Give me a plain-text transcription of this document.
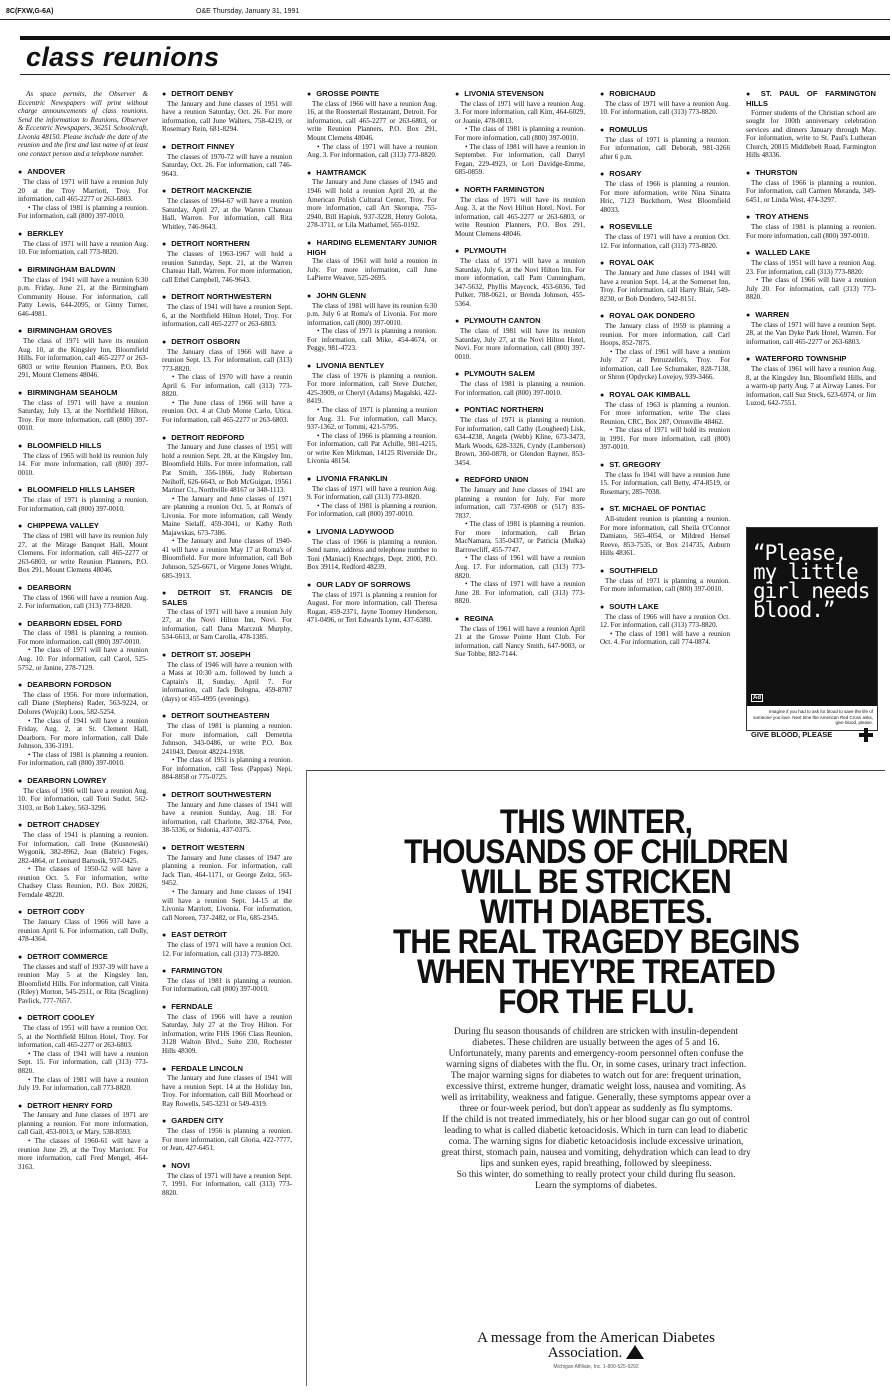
8C(FXW,G-6A)	O&E Thursday, January 31, 1991
class reunions

As space permits, the Observer & Eccentric Newspapers will print without charge announcements of class reunions. Send the information to Reunions, Observer & Eccentric Newspapers, 36251 Schoolcraft, Livonia 48150. Please include the date of the reunion and the first and last name of at least one contact person and a telephone number.

● ANDOVER

The class of 1971 will have a reunion July 20 at the Troy Marriott, Troy. For information, call 465-2277 or 263-6803.

• The class of 1981 is planning a reunion. For information, call (800) 397-0010.

● BERKLEY

The class of 1971 will have a reunion Aug. 10. For information, call 773-8820.

● BIRMINGHAM BALDWIN

The class of 1941 will have a reunion 6:30 p.m. Friday, June 21, at the Birmingham Community House. For information, call Patty Lewis, 644-2095, or Ginny Turner, 646-4981.

● BIRMINGHAM GROVES

The class of 1971 will have its reunion Aug. 10, at the Kingsley Inn, Bloomfield Hills. For information, call 465-2277 or 263-6803 or write Reunion Planners, P.O. Box 291, Mount Clemens 48046.

● BIRMINGHAM SEAHOLM

The class of 1971 will have a reunion Saturday, July 13, at the Northfield Hilton, Troy. For more information, call (800) 397-0010.

● BLOOMFIELD HILLS

The class of 1965 will hold its reunion July 14. For more information, call (800) 397-0010.

● BLOOMFIELD HILLS LAHSER

The class of 1971 is planning a reunion. For information, call (800) 397-0010.

● CHIPPEWA VALLEY

The class of 1981 will have its reunion July 27, at the Mirage Banquet Hall, Mount Clemens. For information, call 465-2277 or 263-6803, or write Reunion Planners, P.O. Box 291, Mount Clemens 48046.

● DEARBORN

The class of 1966 will have a reunion Aug. 2. For information, call (313) 773-8820.

● DEARBORN EDSEL FORD

The class of 1981 is planning a reunion. For more information, call (800) 397-0010.

• The class of 1971 will have a reunion Aug. 10. For information, call Carol, 525-5752, or Janine, 278-7129.

● DEARBORN FORDSON

The class of 1956. For more information, call Diane (Stephens) Rader, 563-9224, or Dolores (Wojcik) Loos, 582-5254.

• The class of 1941 will have a reunion Friday, Aug. 2, at St. Clement Hall, Dearborn. For more information, call Dale Johnson, 336-3191.

• The class of 1981 is planning a reunion. For information, call (800) 397-0010.

● DEARBORN LOWREY

The class of 1966 will have a reunion Aug. 10. For information, call Toni Sudut, 562-3103, or Bob Lakey, 563-3296.

● DETROIT CHADSEY

The class of 1941 is planning a reunion. For information, call Irene (Kusnowski) Wygonik, 382-8962, Jean (Babric) Feges, 282-4864, or Leonard Bartosik, 937-0425.

• The classes of 1950-52 will have a reunion Oct. 5. For information, write Chadsey Class Reunion, P.O. Box 20826, Ferndale 48220.

● DETROIT CODY

The January Class of 1966 will have a reunion April 6. For information, call Dolly, 478-4364.

● DETROIT COMMERCE

The classes and staff of 1937-39 will have a reunion May 5 at the Kingsley Inn, Bloomfield Hills. For information, call Vinita (Riley) Morton, 545-2511, or Rita (Scaglion) Pavlick, 777-7657.

● DETROIT COOLEY

The class of 1951 will have a reunion Oct. 5, at the Northfield Hilton Hotel, Troy. For information, call 465-2277 or 263-6803.

• The class of 1941 will have a reunion Sept. 15. For information, call (313) 773-8820.

• The class of 1981 will have a reunion July 19. For information, call 773-8820.

● DETROIT HENRY FORD

The January and June classes of 1971 are planning a reunion. For more information, call Gail, 453-0013, or Mary, 538-8593.

• The classes of 1960-61 will have a reunion June 29, at the Troy Marriott. For more information, call Fred Mengel, 464-3163.

● DETROIT DENBY

The January and June classes of 1951 will have a reunion Saturday, Oct. 26. For more information, call June Walters, 758-4219, or Rosemary Rein, 681-8294.

● DETROIT FINNEY

The classes of 1970-72 will have a reunion Saturday, Oct. 26. For information, call 746-9643.

● DETROIT MACKENZIE

The classes of 1964-67 will have a reunion Saturday, April 27, at the Warren Chateau Hall, Warren. For information, call Rita Whitley, 746-9643.

● DETROIT NORTHERN

The classes of 1963-1967 will hold a reunion Saturday, Sept. 21, at the Warren Chateau Hall, Warren. For more information, call Ethel Campbell, 746-9643.

● DETROIT NORTHWESTERN

The class of 1941 will have a reunion Sept. 6, at the Northfield Hilton Hotel, Troy. For information, call 465-2277 or 263-6803.

● DETROIT OSBORN

The January class of 1966 will have a reunion Sept. 13. For information, call (313) 773-8820.

• The class of 1970 will have a reunin April 6. For information, call (313) 773-8820.

• The June class of 1966 will have a reunion Oct. 4 at Club Monte Carlo, Utica. For information, call 465-2277 or 263-6803.

● DETROIT REDFORD

The January and June classes of 1951 will hold a reunion Sept. 28, at the Kingsley Inn, Bloomfield Hills. For more information, call Pat Smith, 356-1866, Judy Robertson Neihoff, 626-6643, or Bob McGuigan, 19561 Mariner Ct., Northville 48167 or 348-1113.

• The January and June classes of 1971 are planning a reunion Oct. 5, at Roma's of Livonia. For more information, call Wendy Maine Sielaff, 459-3041, or Kathy Roth Majawskas, 673-7386.

• The January and June classes of 1940-41 will have a reunion May 17 at Roma's of Bloomfield. For more information, call Bob Johnson, 525-6671, or Virgene Jones Wright, 685-3913.

● DETROIT ST. FRANCIS DE SALES

The class of 1971 will have a reunion July 27, at the Novi Hilton Inn, Novi. For information, call Dana Marczuk Murphy, 534-6613, or Sam Carolla, 478-1385.

● DETROIT ST. JOSEPH

The class of 1946 will have a reunion with a Mass at 10:30 a.m. followed by lunch a Captain's II, Sunday, April 7. For information, call Jack Bologna, 459-8787 (days) or 455-4995 (evenings).

● DETROIT SOUTHEASTERN

The class of 1981 is planning a reunion. For more information, call Demetria Johnson, 343-0486, or write P.O. Box 241043, Detroit 48224-1938.

• The class of 1951 is planning a reunion. For information, call Tess (Pappas) Nepi, 884-8858 or 775-0725.

● DETROIT SOUTHWESTERN

The January and June classes of 1941 will have a reunion Sunday, Aug. 18. For information, call Charlotte, 382-3764, Pete, 38-5336, or Sidonia, 437-0375.

● DETROIT WESTERN

The January and June classes of 1947 are planning a reunion. For information, call Jack Tian, 464-1171, or George Zeitz, 563-9452.

• The January and June classes of 1941 will have a reunion Sept. 14-15 at the Livonia Marriott, Livonia. For information, call Noreen, 737-2482, or Flo, 685-2345.

● EAST DETROIT

The class of 1971 will have a reunion Oct. 12. For information, call (313) 773-8820.

● FARMINGTON

The class of 1981 is planning a reunion. For information, call (800) 397-0010.

● FERNDALE

The class of 1966 will have a reunion Saturday, July 27 at the Troy Hilton. For information, write FHS 1966 Class Reunion, 3128 Walton Blvd., Suite 230, Rochester Hills 48309.

● FERDALE LINCOLN

The January and June classes of 1941 will have a reunion Sept. 14 at the Holiday Inn, Troy. For information, call Bill Moorhead or Ray Rowells, 545-3231 or 549-4319.

● GARDEN CITY

The class of 1956 is planning a reunion. For more information, call Gloria, 422-7777, or Jean, 427-6451.

● NOVI

The class of 1971 will have a reunion Sept. 7, 1991. For information, call (313) 773-8820.

● GROSSE POINTE

The class of 1966 will have a reunion Aug. 16, at the Roostertail Restaurant, Detroit. For information, call 465-2277 or 263-6803, or write Reunion Planners, P.O. Box 291, Mount Clemens 48046.

• The class of 1971 will have a reunion Aug. 3. For information, call (313) 773-8820.

● HAMTRAMCK

The January and June classes of 1945 and 1946 will hold a reunion April 20, at the American Polish Cultural Center, Troy. For more information, call Art Skorupa, 755-2940, Bill Hapiuk, 937-3228, Henry Golota, 278-3711, or Lila Mathamel, 565-0192.

● HARDING ELEMENTARY JUNIOR HIGH

The class of 1961 will hold a reunion in July. For more information, call June LaPierre Weaver, 525-2695.

● JOHN GLENN

The class of 1981 will have its reunion 6:30 p.m. July 6 at Roma's of Livonia. For more information, call (800) 397-0010.

• The class of 1971 is planning a reunion. For information, call Mike, 454-4674, or Peggy, 981-4723.

● LIVONIA BENTLEY

The class of 1976 is planning a reunion. For more information, call Steve Dutcher, 425-3909, or Cheryl (Adams) Magalski, 422-8419.

• The class of 1971 is planning a reunion for Aug. 31. For information, call Marcy, 937-1362, or Tommi, 421-5795.

• The class of 1966 is planning a reunion. For information, call Pat Achille, 981-4215, or write Ken Mirkman, 14125 Riverside Dr., Livonia 48154.

● LIVONIA FRANKLIN

The class of 1971 will have a reunion Aug. 9. For information, call (313) 773-8820.

• The class of 1981 is planning a reunion. For information, call (800) 397-0010.

● LIVONIA LADYWOOD

The class of 1966 is planning a reunion. Send name, address and telephone number to Toni (Maniaci) Knechtges, Dept. 2000, P.O. Box 39114, Redford 48239.

● OUR LADY OF SORROWS

The class of 1971 is planning a reunion for August. For more information, call Theresa Rogan, 459-2371, Jayne Toomey Henderson, 471-0496, or Teri Edwards Lynn, 437-6380.

● LIVONIA STEVENSON

The class of 1971 will have a reunion Aug. 3. For more information, call Kim, 464-6029, or Joanie, 478-0813.

• The class of 1981 is planning a reunion. For more information, call (800) 397-0010.

• The class of 1981 will have a reunion in September. For information, call Darryl Fegan, 229-4923, or Lori Davidge-Emme, 685-0859.

● NORTH FARMINGTON

The class of 1971 will have its reunion Aug. 3, at the Novi Hilton Hotel, Novi. For information, call 465-2277 or 263-6803, or write Reunion Planners, P.O. Box 291, Mount Clemens 48046.

● PLYMOUTH

The class of 1971 will have a reunion Saturday, July 6, at the Novi Hilton Inn. For more information, call Pam Cunningham, 347-5632, Phyllis Maycock, 453-6036, Ted Pulker, 788-0621, or Brenda Johnson, 455-5364.

● PLYMOUTH CANTON

The class of 1981 will have its reunion Saturday, July 27, at the Novi Hilton Hotel, Novi. For more information, call (800) 397-0010.

● PLYMOUTH SALEM

The class of 1981 is planning a reunion. For information, call (800) 397-0010.

● PONTIAC NORTHERN

The class of 1971 is planning a reunion. For information, call Cathy (Lougheed) Lisk, 634-4238, Angela (Webb) Kline, 673-3473, Mark Woods, 628-3326, Cyndy (Lamberson) Brown, 360-0878, or Glendon Rayner, 853-3454.

● REDFORD UNION

The January and June classes of 1941 are planning a reunion for July. For more information, call 737-6908 or (517) 835-7837.

• The class of 1981 is planning a reunion. For more information, call Brian MacNamara, 535-0437, or Patricia (Mulka) Barrowcliff, 455-7747.

• The class of 1961 will have a reunion Aug. 17. For information, call (313) 773-8820.

• The class of 1971 will have a reunion June 28. For information, call (313) 773-8820.

● REGINA

The class of 1961 will have a reunion April 21 at the Grosse Pointe Hunt Club. For information, call Nancy Smith, 647-9003, or Sue Tobbe, 882-7144.

● ROBICHAUD

The class of 1971 will have a reunion Aug. 10. For information, call (313) 773-8820.

● ROMULUS

The class of 1971 is planning a reunion. For information, call Deborah, 981-3266 after 6 p.m.

● ROSARY

The class of 1966 is planning a reunion. For more information, write Nina Sinatra Hric, 7123 Buckthorn, West Bloomfield 48033.

● ROSEVILLE

The class of 1971 will have a reunion Oct. 12. For information, call (313) 773-8820.

● ROYAL OAK

The January and June classes of 1941 will have a reunion Sept. 14, at the Somerset Inn, Troy. For information, call Harry Blair, 549-8230, or Bob Dondero, 542-8151.

● ROYAL OAK DONDERO

The January class of 1959 is planning a reunion. For more information, call Carl Hoops, 852-7875.

• The class of 1961 will have a reunion July 27 at Petruzzello's, Troy. For information, call Lee Schumaker, 828-7138, or Shron (Opdycke) Lovejoy, 939-3466.

● ROYAL OAK KIMBALL

The class of 1963 is planning a reunion. For more information, write The class Reunion, CRC, Box 287, Ortonville 48462.

• The class of 1971 will hold its reunion in 1991. For more information, call (800) 397-0010.

● ST. GREGORY

The class fo 1941 will have a reunion June 15. For information, call Betty, 474-8519, or Rosemary, 285-7038.

● ST. MICHAEL OF PONTIAC

All-student reunion is planning a reunion. For more information, call Sheila O'Connor Damiano, 565-4054, or Mildred Hensel Reeve, 853-7535, or Box 214735, Auburn Hills 48361.

● SOUTHFIELD

The class of 1971 is planning a reunion. For more information, call (800) 397-0010.

● SOUTH LAKE

The class of 1966 will have a reunion Oct. 12. For information, call (313) 773-8820.

• The class of 1981 will have a reunion Oct. 4. For information, call 774-0874.

● ST. PAUL OF FARMINGTON HILLS

Former students of the Christian school are sought for 100th anniversary celebration services and dinners January through May. For information, write to St. Paul's Lutheran Church, 20815 Middlebelt Road, Farmington Hills 48336.

● THURSTON

The class of 1966 is planning a reunion. For information, call Carmen Meranda, 349-6451, or Linda West, 474-3297.

● TROY ATHENS

The class of 1981 is planning a reunion. For more information, call (800) 397-0010.

● WALLED LAKE

The class of 1951 will have a reunion Aug. 23. For information, call (313) 773-8820.

• The class of 1966 will have a reunion July 20. For information, call (313) 773-8820.

● WARREN

The class of 1971 will have a reunion Sept. 28, at the Van Dyke Park Hotel, Warren. For information, call 465-2277 or 263-6803.

● WATERFORD TOWNSHIP

The class of 1961 will have a reunion Aug. 8, at the Kingsley Inn, Bloomfield Hills, and a warm-up party Aug. 7 at Airway Lanes. For information, call Suz Steck, 623-6974, or Jim Luzod, 642-7551.

“Please, my little girl needs blood.”
Ad
Imagine if you had to ask for blood to save the life of someone you love. Next time the American Red Cross asks, give blood, please.
GIVE BLOOD, PLEASE
THIS WINTER,
THOUSANDS OF CHILDREN
WILL BE STRICKEN
WITH DIABETES.
THE REAL TRAGEDY BEGINS
WHEN THEY'RE TREATED
FOR THE FLU.

During flu season thousands of children are stricken with insulin-dependent diabetes. These children are usually between the ages of 5 and 16.

Unfortunately, many parents and emergency-room personnel often confuse the warning signs of diabetes with the flu. Or, in some cases, urinary tract infection.

The major warning signs for diabetes to watch out for are: frequent urination, excessive thirst, extreme hunger, dramatic weight loss, nausea and vomiting. As well as irritability, weakness and fatigue. Generally, these symptoms appear over a three or four-week period, but don't appear as suddenly as flu symptoms.

If the child is not treated immediately, his or her blood sugar can go out of control leading to what is called diabetic ketoacidosis. Which in turn can lead to diabetic coma. The warning signs for diabetic ketoacidosis include excessive urination, great thirst, stomach pain, nausea and vomiting, dehydration which can lead to dry lips and sunken eyes, rapid breathing, followed by sleepiness.

So this winter, do something to really protect your child during flu season.

Learn the symptoms of diabetes.

A message from the American Diabetes Association.
Michigan Affiliate, Inc. 1-800-525-9292
